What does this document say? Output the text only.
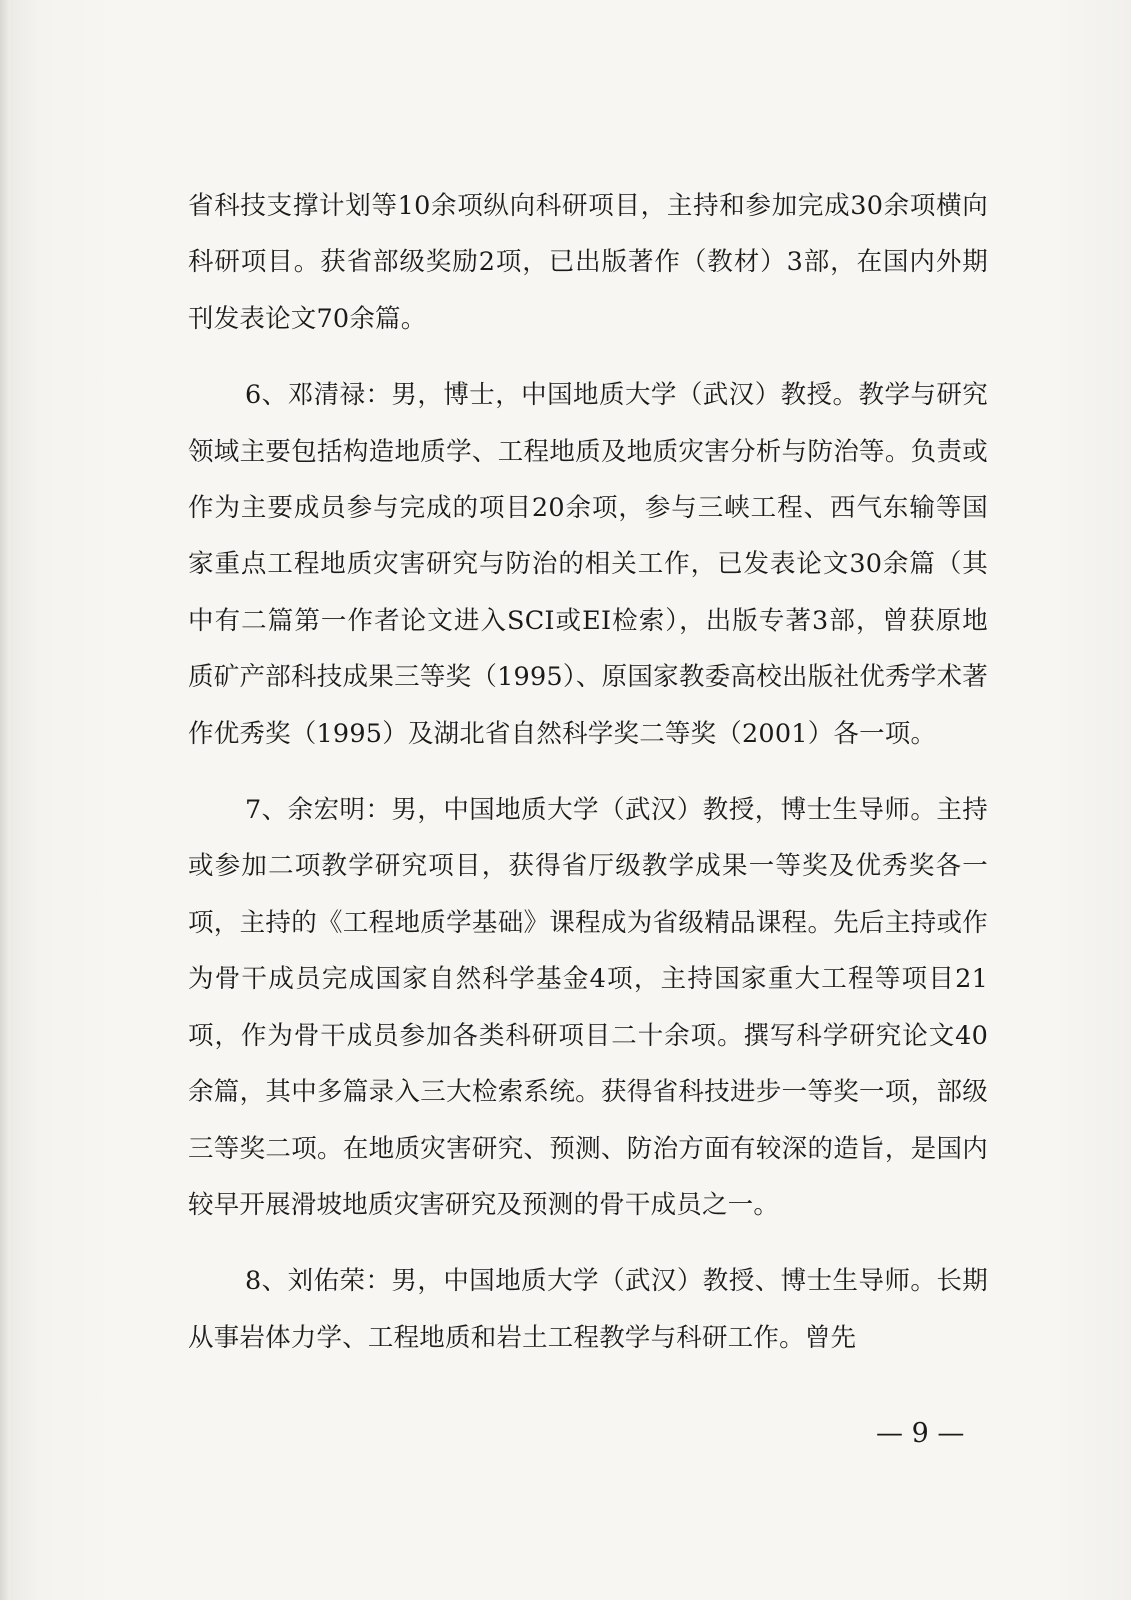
省科技支撑计划等10余项纵向科研项目，主持和参加完成30余项横向科研项目。获省部级奖励2项，已出版著作（教材）3部，在国内外期刊发表论文70余篇。

6、邓清禄：男，博士，中国地质大学（武汉）教授。教学与研究领域主要包括构造地质学、工程地质及地质灾害分析与防治等。负责或作为主要成员参与完成的项目20余项，参与三峡工程、西气东输等国家重点工程地质灾害研究与防治的相关工作，已发表论文30余篇（其中有二篇第一作者论文进入SCI或EI检索），出版专著3部，曾获原地质矿产部科技成果三等奖（1995）、原国家教委高校出版社优秀学术著作优秀奖（1995）及湖北省自然科学奖二等奖（2001）各一项。

7、余宏明：男，中国地质大学（武汉）教授，博士生导师。主持或参加二项教学研究项目，获得省厅级教学成果一等奖及优秀奖各一项，主持的《工程地质学基础》课程成为省级精品课程。先后主持或作为骨干成员完成国家自然科学基金4项，主持国家重大工程等项目21项，作为骨干成员参加各类科研项目二十余项。撰写科学研究论文40余篇，其中多篇录入三大检索系统。获得省科技进步一等奖一项，部级三等奖二项。在地质灾害研究、预测、防治方面有较深的造旨，是国内较早开展滑坡地质灾害研究及预测的骨干成员之一。

8、刘佑荣：男，中国地质大学（武汉）教授、博士生导师。长期从事岩体力学、工程地质和岩土工程教学与科研工作。曾先

— 9 —
